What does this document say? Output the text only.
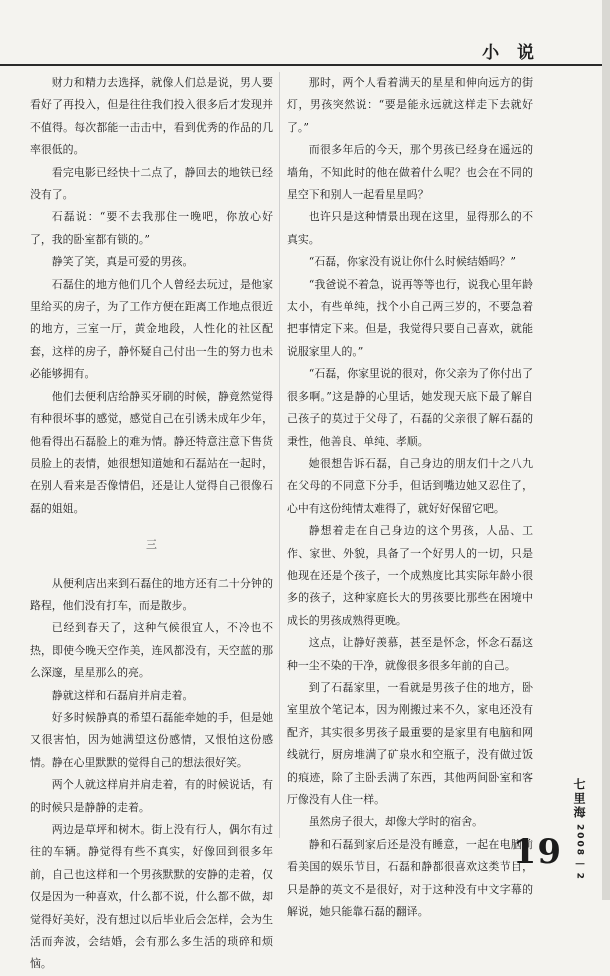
小 说

财力和精力去选择，就像人们总是说，男人要看好了再投入，但是往往我们投入很多后才发现并不值得。每次都能一击击中，看到优秀的作品的几率很低的。

看完电影已经快十二点了，静回去的地铁已经没有了。

石磊说：“要不去我那住一晚吧，你放心好了，我的卧室都有锁的。”

静笑了笑，真是可爱的男孩。

石磊住的地方他们几个人曾经去玩过，是他家里给买的房子，为了工作方便在距离工作地点很近的地方，三室一厅，黄金地段，人性化的社区配套，这样的房子，静怀疑自己付出一生的努力也未必能够拥有。

他们去便利店给静买牙刷的时候，静竟然觉得有种很坏事的感觉，感觉自己在引诱未成年少年，他看得出石磊脸上的难为情。静还特意注意下售货员脸上的表情，她很想知道她和石磊站在一起时，在别人看来是否像情侣，还是让人觉得自己很像石磊的姐姐。

三

从便利店出来到石磊住的地方还有二十分钟的路程，他们没有打车，而是散步。

已经到春天了，这种气候很宜人，不冷也不热，即使今晚天空作美，连风都没有，天空蓝的那么深邃，星星那么的亮。

静就这样和石磊肩并肩走着。

好多时候静真的希望石磊能牵她的手，但是她又很害怕，因为她满望这份感情，又恨怕这份感情。静在心里默默的觉得自己的想法很好笑。

两个人就这样肩并肩走着，有的时候说话，有的时候只是静静的走着。

两边是草坪和树木。街上没有行人，偶尔有过往的车辆。静觉得有些不真实，好像回到很多年前，自己也这样和一个男孩默默的安静的走着，仅仅是因为一种喜欢，什么都不说，什么都不做，却觉得好美好，没有想过以后毕业后会怎样，会为生活而奔波，会结婚，会有那么多生活的琐碎和烦恼。

那时，两个人看着满天的星星和伸向远方的街灯，男孩突然说：“要是能永远就这样走下去就好了。”

而很多年后的今天，那个男孩已经身在遥远的墙角，不知此时的他在做着什么呢？也会在不同的星空下和别人一起看星星吗？

也许只是这种情景出现在这里，显得那么的不真实。

“石磊，你家没有说让你什么时候结婚吗？”

“我爸说不着急，说再等等也行，说我心里年龄太小，有些单纯，找个小自己两三岁的，不要急着把事情定下来。但是，我觉得只要自己喜欢，就能说服家里人的。”

“石磊，你家里说的很对，你父亲为了你付出了很多啊。”这是静的心里话，她发现天底下最了解自己孩子的莫过于父母了，石磊的父亲很了解石磊的秉性，他善良、单纯、孝顺。

她很想告诉石磊，自己身边的朋友们十之八九在父母的不同意下分手，但话到嘴边她又忍住了，心中有这份纯情太难得了，就好好保留它吧。

静想着走在自己身边的这个男孩，人品、工作、家世、外貌，具备了一个好男人的一切，只是他现在还是个孩子，一个成熟度比其实际年龄小很多的孩子，这种家庭长大的男孩要比那些在困境中成长的男孩成熟得更晚。

这点，让静好羡慕，甚至是怀念，怀念石磊这种一尘不染的干净，就像很多很多年前的自己。

到了石磊家里，一看就是男孩子住的地方，卧室里放个笔记本，因为刚搬过来不久，家电还没有配齐，其实很多男孩子最重要的是家里有电脑和网线就行，厨房堆满了矿泉水和空瓶子，没有做过饭的痕迹，除了主卧丢满了东西，其他两间卧室和客厅像没有人住一样。

虽然房子很大，却像大学时的宿舍。

静和石磊到家后还是没有睡意，一起在电脑前看美国的娱乐节目，石磊和静都很喜欢这类节目，只是静的英文不是很好，对于这种没有中文字幕的解说，她只能靠石磊的翻译。

七里海
2008 | 2
19
